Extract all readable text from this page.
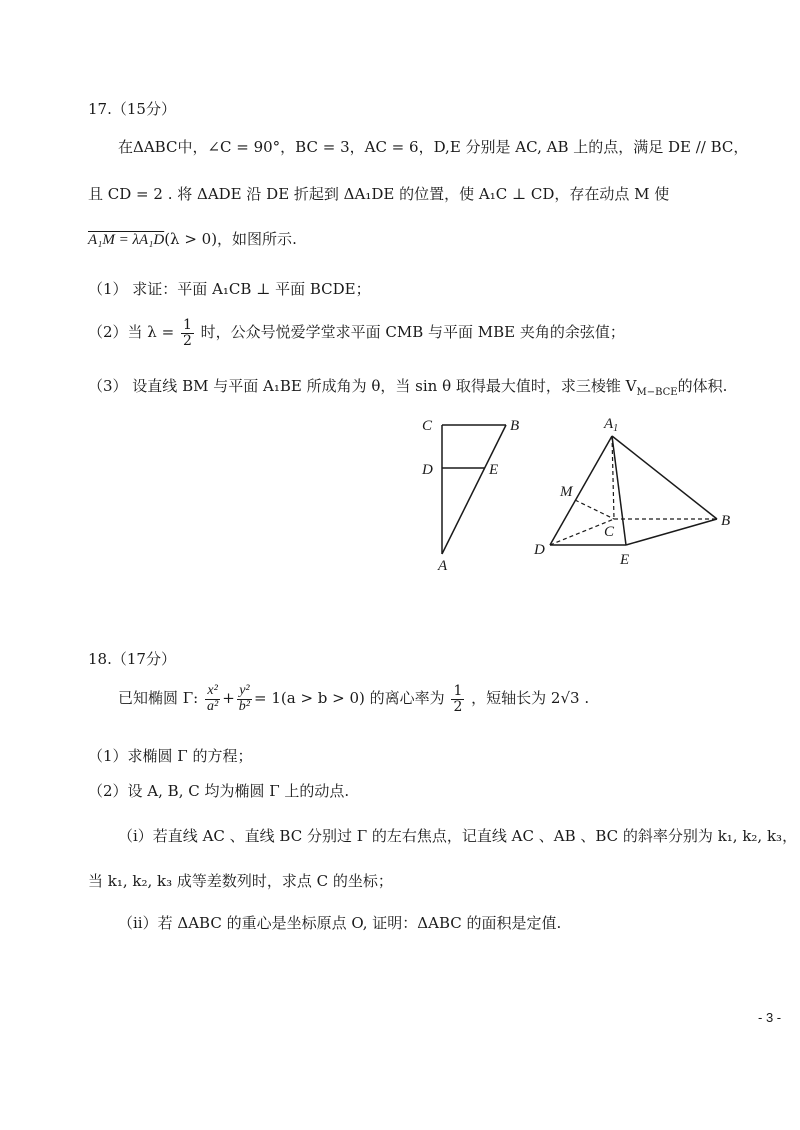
17.（15分）
在ΔABC中，∠C = 90°，BC = 3，AC = 6，D,E 分别是 AC, AB 上的点，满足 DE // BC，
且 CD = 2 . 将 ΔADE 沿 DE 折起到 ΔA₁DE 的位置，使 A₁C ⊥ CD，存在动点 M 使
A₁M = λA₁D(λ > 0)，如图所示.
（1） 求证：平面 A₁CB ⊥ 平面 BCDE；
（2）当 $\lambda = \frac{1}{2}$ 时，公众号悦爱学堂求平面 CMB 与平面 MBE 夹角的余弦值；
（3） 设直线 BM 与平面 A₁BE 所成角为 θ，当 sin θ 取得最大值时，求三棱锥 $V_{M-BCE}$的体积.
C	B
D	E
A
$A_1$
M
C
B
D
E
18.（17分）
已知椭圆 Γ: $\frac{\text{x²}}{\text{a²}} + \frac{\text{y²}}{\text{b²}} = 1(a > b > 0)$ 的离心率为 $\frac{1}{2}$ ，短轴长为 2√3 .
（1）求椭圆 Γ 的方程；
（2）设 A, B, C 均为椭圆 Γ 上的动点.
（i）若直线 AC 、直线 BC 分别过 Γ 的左右焦点，记直线 AC 、AB 、BC 的斜率分别为 k₁, k₂, k₃，
当 k₁, k₂, k₃ 成等差数列时，求点 C 的坐标；
（ii）若 ΔABC 的重心是坐标原点 O, 证明：ΔABC 的面积是定值.
- 3 -
